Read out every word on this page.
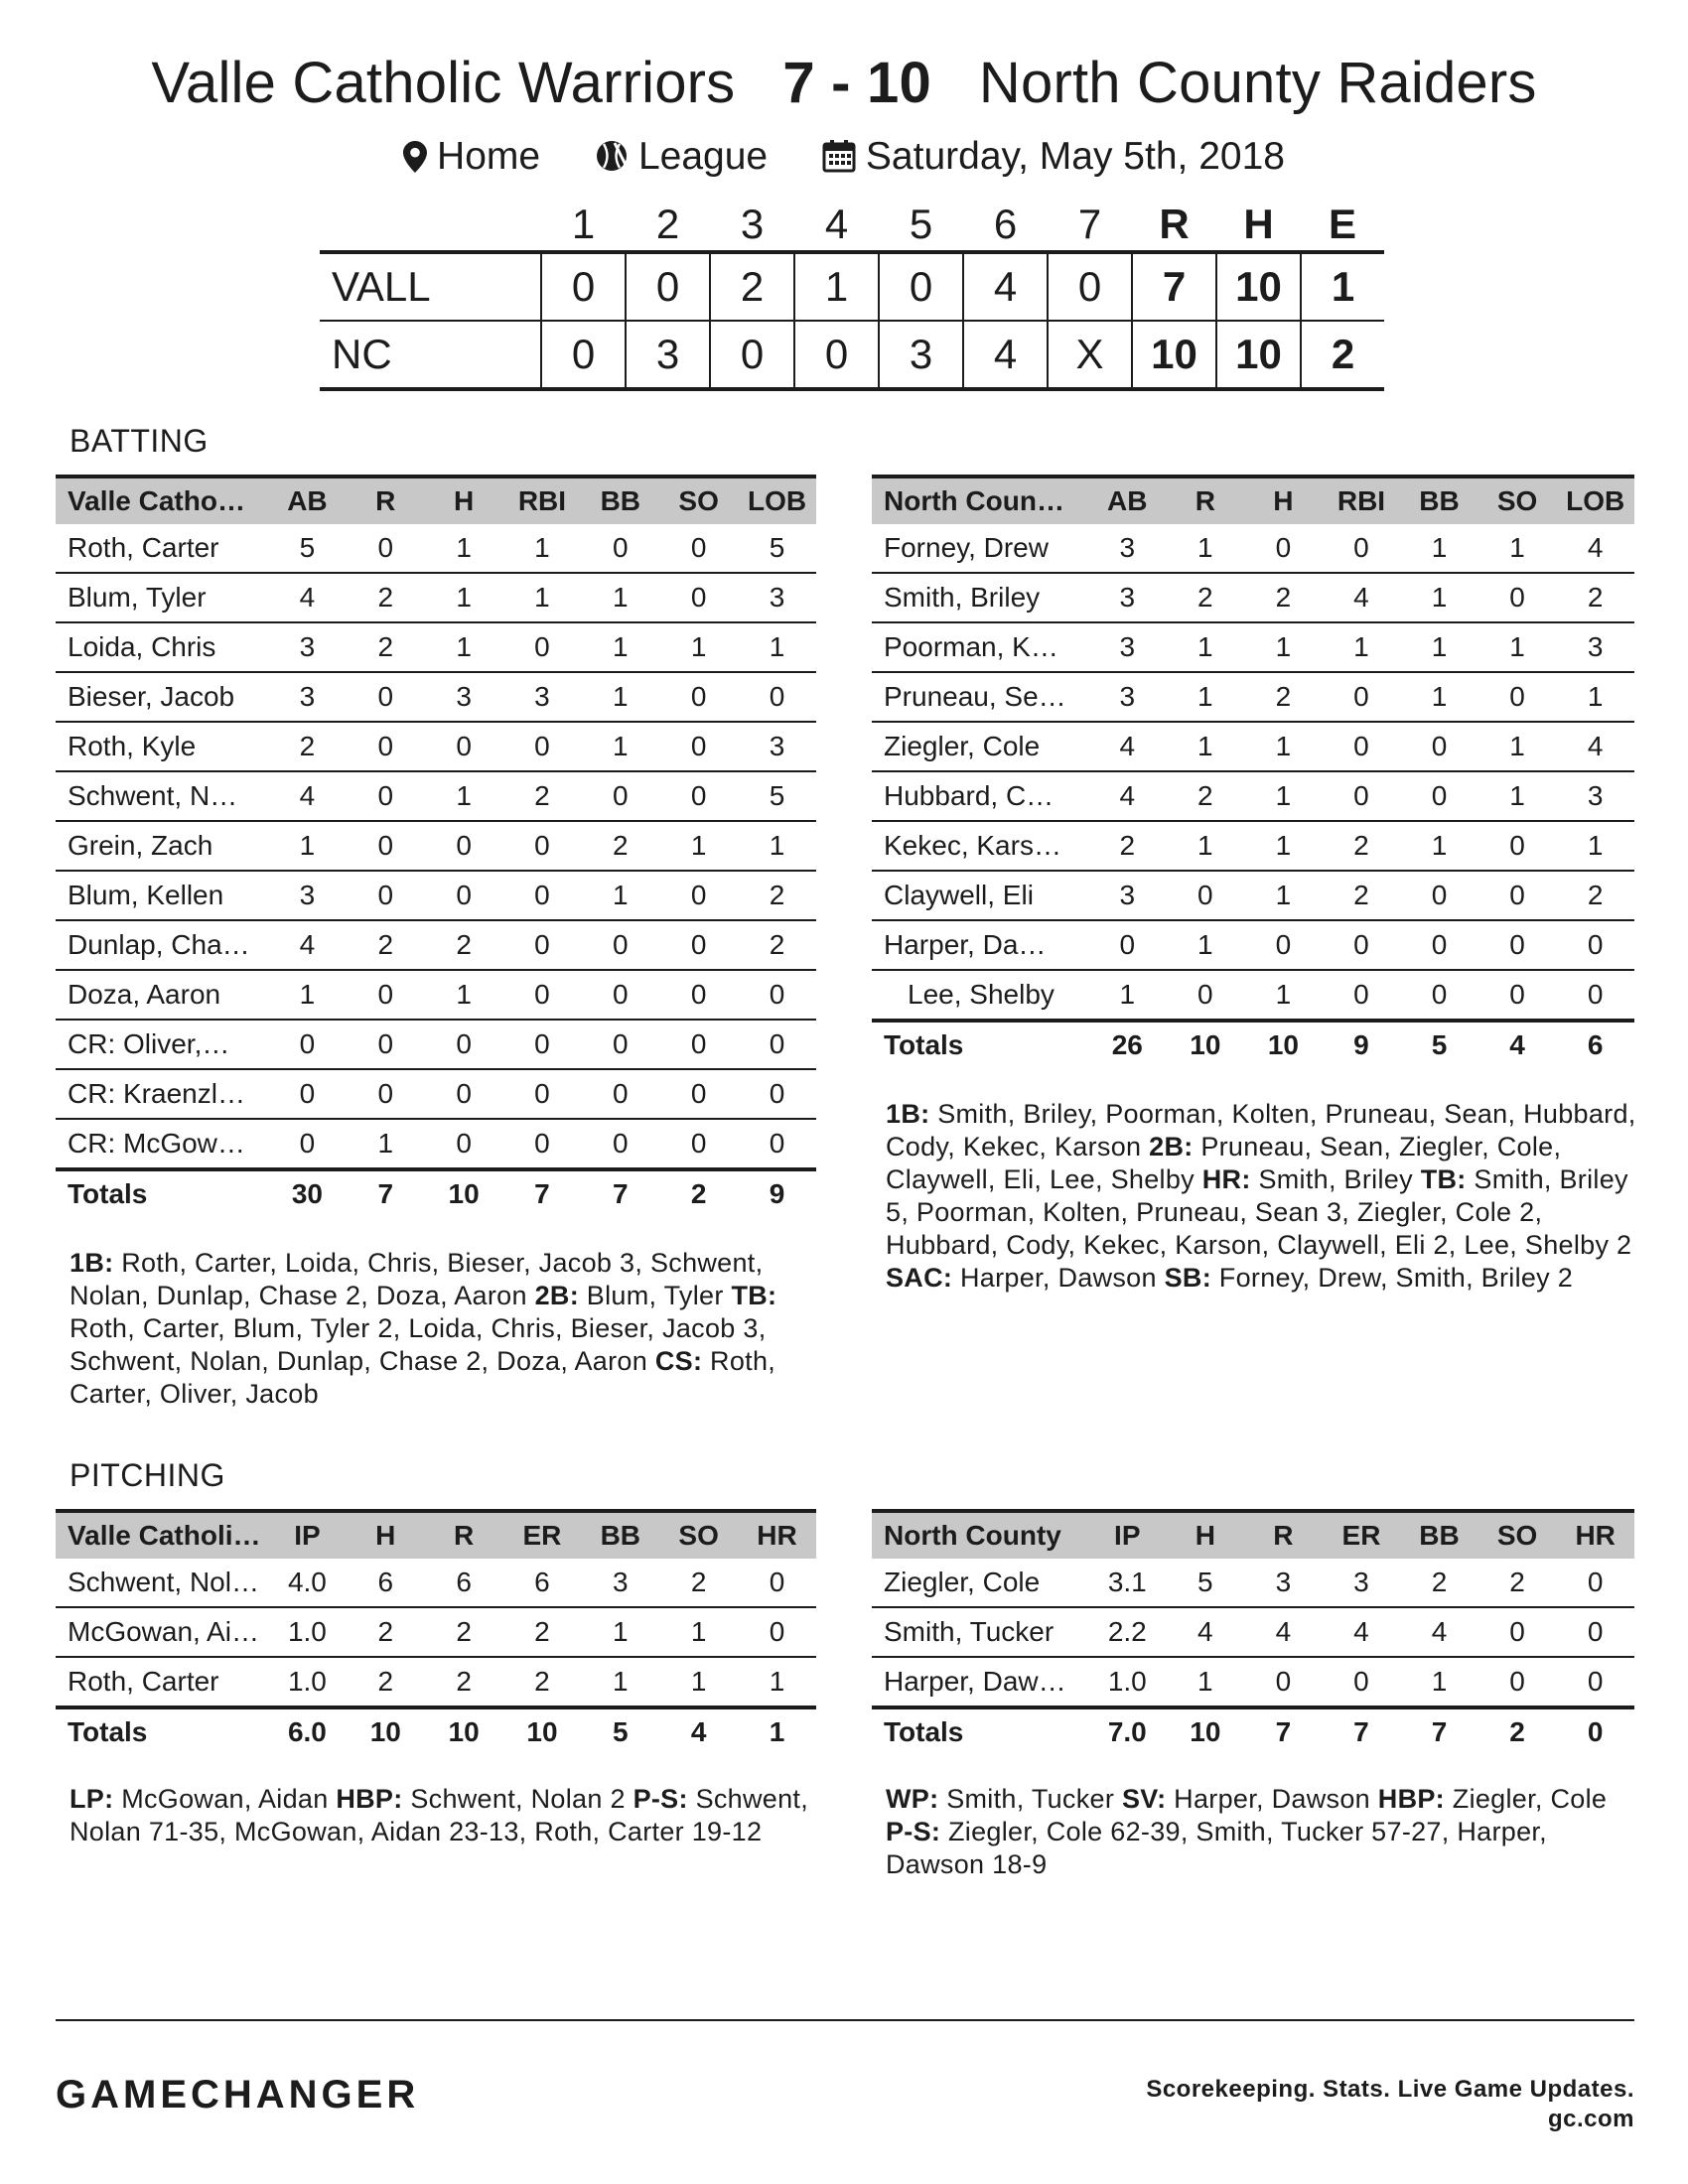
Valle Catholic Warriors 7 - 10 North County Raiders
Home	League	Saturday, May 5th, 2018
	1	2	3	4	5	6	7	R	H	E
VALL	0	0	2	1	0	4	0	7	10	1
NC	0	3	0	0	3	4	X	10	10	2
BATTING
Valle Catho…	AB	R	H	RBI	BB	SO	LOB
Roth, Carter	5	0	1	1	0	0	5
Blum, Tyler	4	2	1	1	1	0	3
Loida, Chris	3	2	1	0	1	1	1
Bieser, Jacob	3	0	3	3	1	0	0
Roth, Kyle	2	0	0	0	1	0	3
Schwent, N…	4	0	1	2	0	0	5
Grein, Zach	1	0	0	0	2	1	1
Blum, Kellen	3	0	0	0	1	0	2
Dunlap, Cha…	4	2	2	0	0	0	2
Doza, Aaron	1	0	1	0	0	0	0
CR: Oliver,…	0	0	0	0	0	0	0
CR: Kraenzl…	0	0	0	0	0	0	0
CR: McGow…	0	1	0	0	0	0	0
Totals	30	7	10	7	7	2	9
North Coun…	AB	R	H	RBI	BB	SO	LOB
Forney, Drew	3	1	0	0	1	1	4
Smith, Briley	3	2	2	4	1	0	2
Poorman, K…	3	1	1	1	1	1	3
Pruneau, Se…	3	1	2	0	1	0	1
Ziegler, Cole	4	1	1	0	0	1	4
Hubbard, C…	4	2	1	0	0	1	3
Kekec, Kars…	2	1	1	2	1	0	1
Claywell, Eli	3	0	1	2	0	0	2
Harper, Da…	0	1	0	0	0	0	0
Lee, Shelby	1	0	1	0	0	0	0
Totals	26	10	10	9	5	4	6
1B: Roth, Carter, Loida, Chris, Bieser, Jacob 3, Schwent, Nolan, Dunlap, Chase 2, Doza, Aaron 2B: Blum, Tyler TB: Roth, Carter, Blum, Tyler 2, Loida, Chris, Bieser, Jacob 3, Schwent, Nolan, Dunlap, Chase 2, Doza, Aaron CS: Roth, Carter, Oliver, Jacob
1B: Smith, Briley, Poorman, Kolten, Pruneau, Sean, Hubbard, Cody, Kekec, Karson 2B: Pruneau, Sean, Ziegler, Cole, Claywell, Eli, Lee, Shelby HR: Smith, Briley TB: Smith, Briley 5, Poorman, Kolten, Pruneau, Sean 3, Ziegler, Cole 2, Hubbard, Cody, Kekec, Karson, Claywell, Eli 2, Lee, Shelby 2 SAC: Harper, Dawson SB: Forney, Drew, Smith, Briley 2
PITCHING
Valle Catholi…	IP	H	R	ER	BB	SO	HR
Schwent, Nol…	4.0	6	6	6	3	2	0
McGowan, Ai…	1.0	2	2	2	1	1	0
Roth, Carter	1.0	2	2	2	1	1	1
Totals	6.0	10	10	10	5	4	1
North County	IP	H	R	ER	BB	SO	HR
Ziegler, Cole	3.1	5	3	3	2	2	0
Smith, Tucker	2.2	4	4	4	4	0	0
Harper, Daw…	1.0	1	0	0	1	0	0
Totals	7.0	10	7	7	7	2	0
LP: McGowan, Aidan HBP: Schwent, Nolan 2 P-S: Schwent, Nolan 71-35, McGowan, Aidan 23-13, Roth, Carter 19-12
WP: Smith, Tucker SV: Harper, Dawson HBP: Ziegler, Cole P-S: Ziegler, Cole 62-39, Smith, Tucker 57-27, Harper, Dawson 18-9
GAMECHANGER	Scorekeeping. Stats. Live Game Updates.
gc.com
